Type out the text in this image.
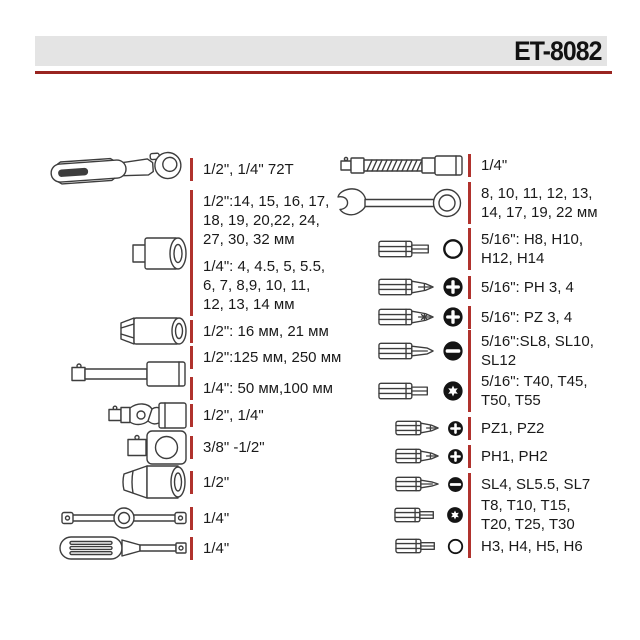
ET-8082
1/2", 1/4" 72T
1/2":14, 15, 16, 17,
18, 19, 20,22, 24,
27, 30, 32 мм
1/4": 4, 4.5, 5, 5.5,
6, 7, 8,9, 10, 11,
12, 13, 14 мм
1/2": 16 мм, 21 мм
1/2":125 мм, 250 мм
1/4": 50 мм,100 мм
1/2", 1/4"
3/8" -1/2"
1/2"
1/4"
1/4"
1/4"
8, 10, 11, 12, 13,
14, 17, 19, 22 мм
5/16": H8, H10,
H12, H14
5/16": PH 3, 4
5/16": PZ 3, 4
5/16":SL8, SL10,
SL12
5/16": T40, T45,
T50, T55
PZ1, PZ2
PH1, PH2
SL4, SL5.5, SL7
T8, T10, T15,
T20, T25, T30
H3, H4, H5, H6
